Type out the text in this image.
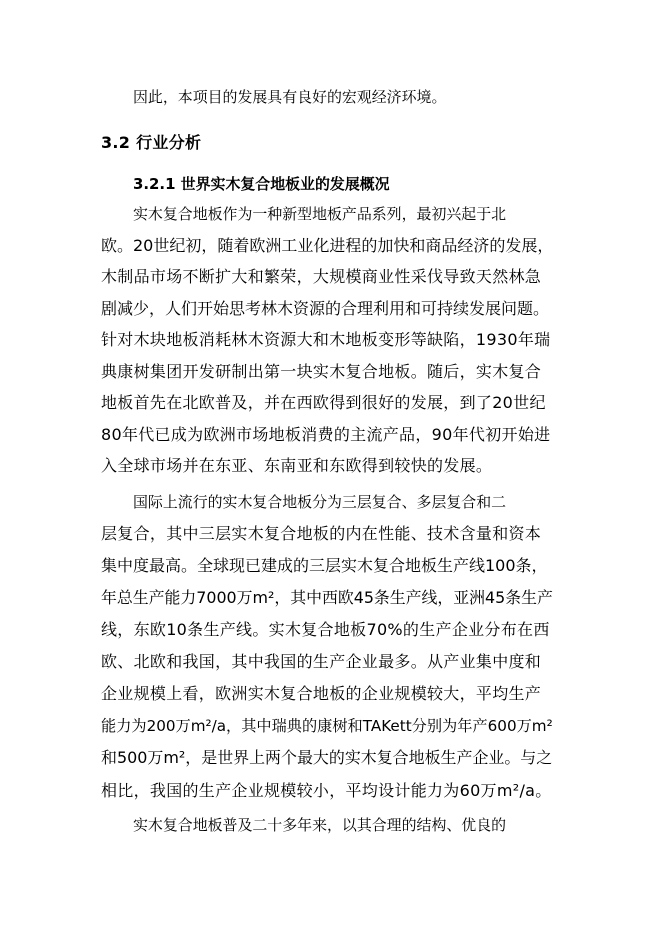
因此，本项目的发展具有良好的宏观经济环境。
3.2 行业分析
3.2.1 世界实木复合地板业的发展概况
实木复合地板作为一种新型地板产品系列，最初兴起于北
欧。20世纪初，随着欧洲工业化进程的加快和商品经济的发展，
木制品市场不断扩大和繁荣，大规模商业性采伐导致天然林急
剧减少，人们开始思考林木资源的合理利用和可持续发展问题。
针对木块地板消耗林木资源大和木地板变形等缺陷，1930年瑞
典康树集团开发研制出第一块实木复合地板。随后，实木复合
地板首先在北欧普及，并在西欧得到很好的发展，到了20世纪
80年代已成为欧洲市场地板消费的主流产品，90年代初开始进
入全球市场并在东亚、东南亚和东欧得到较快的发展。
国际上流行的实木复合地板分为三层复合、多层复合和二
层复合，其中三层实木复合地板的内在性能、技术含量和资本
集中度最高。全球现已建成的三层实木复合地板生产线100条，
年总生产能力7000万m²，其中西欧45条生产线，亚洲45条生产
线，东欧10条生产线。实木复合地板70%的生产企业分布在西
欧、北欧和我国，其中我国的生产企业最多。从产业集中度和
企业规模上看，欧洲实木复合地板的企业规模较大，平均生产
能力为200万m²/a，其中瑞典的康树和TAKett分别为年产600万m²
和500万m²，是世界上两个最大的实木复合地板生产企业。与之
相比，我国的生产企业规模较小，平均设计能力为60万m²/a。
实木复合地板普及二十多年来，以其合理的结构、优良的
